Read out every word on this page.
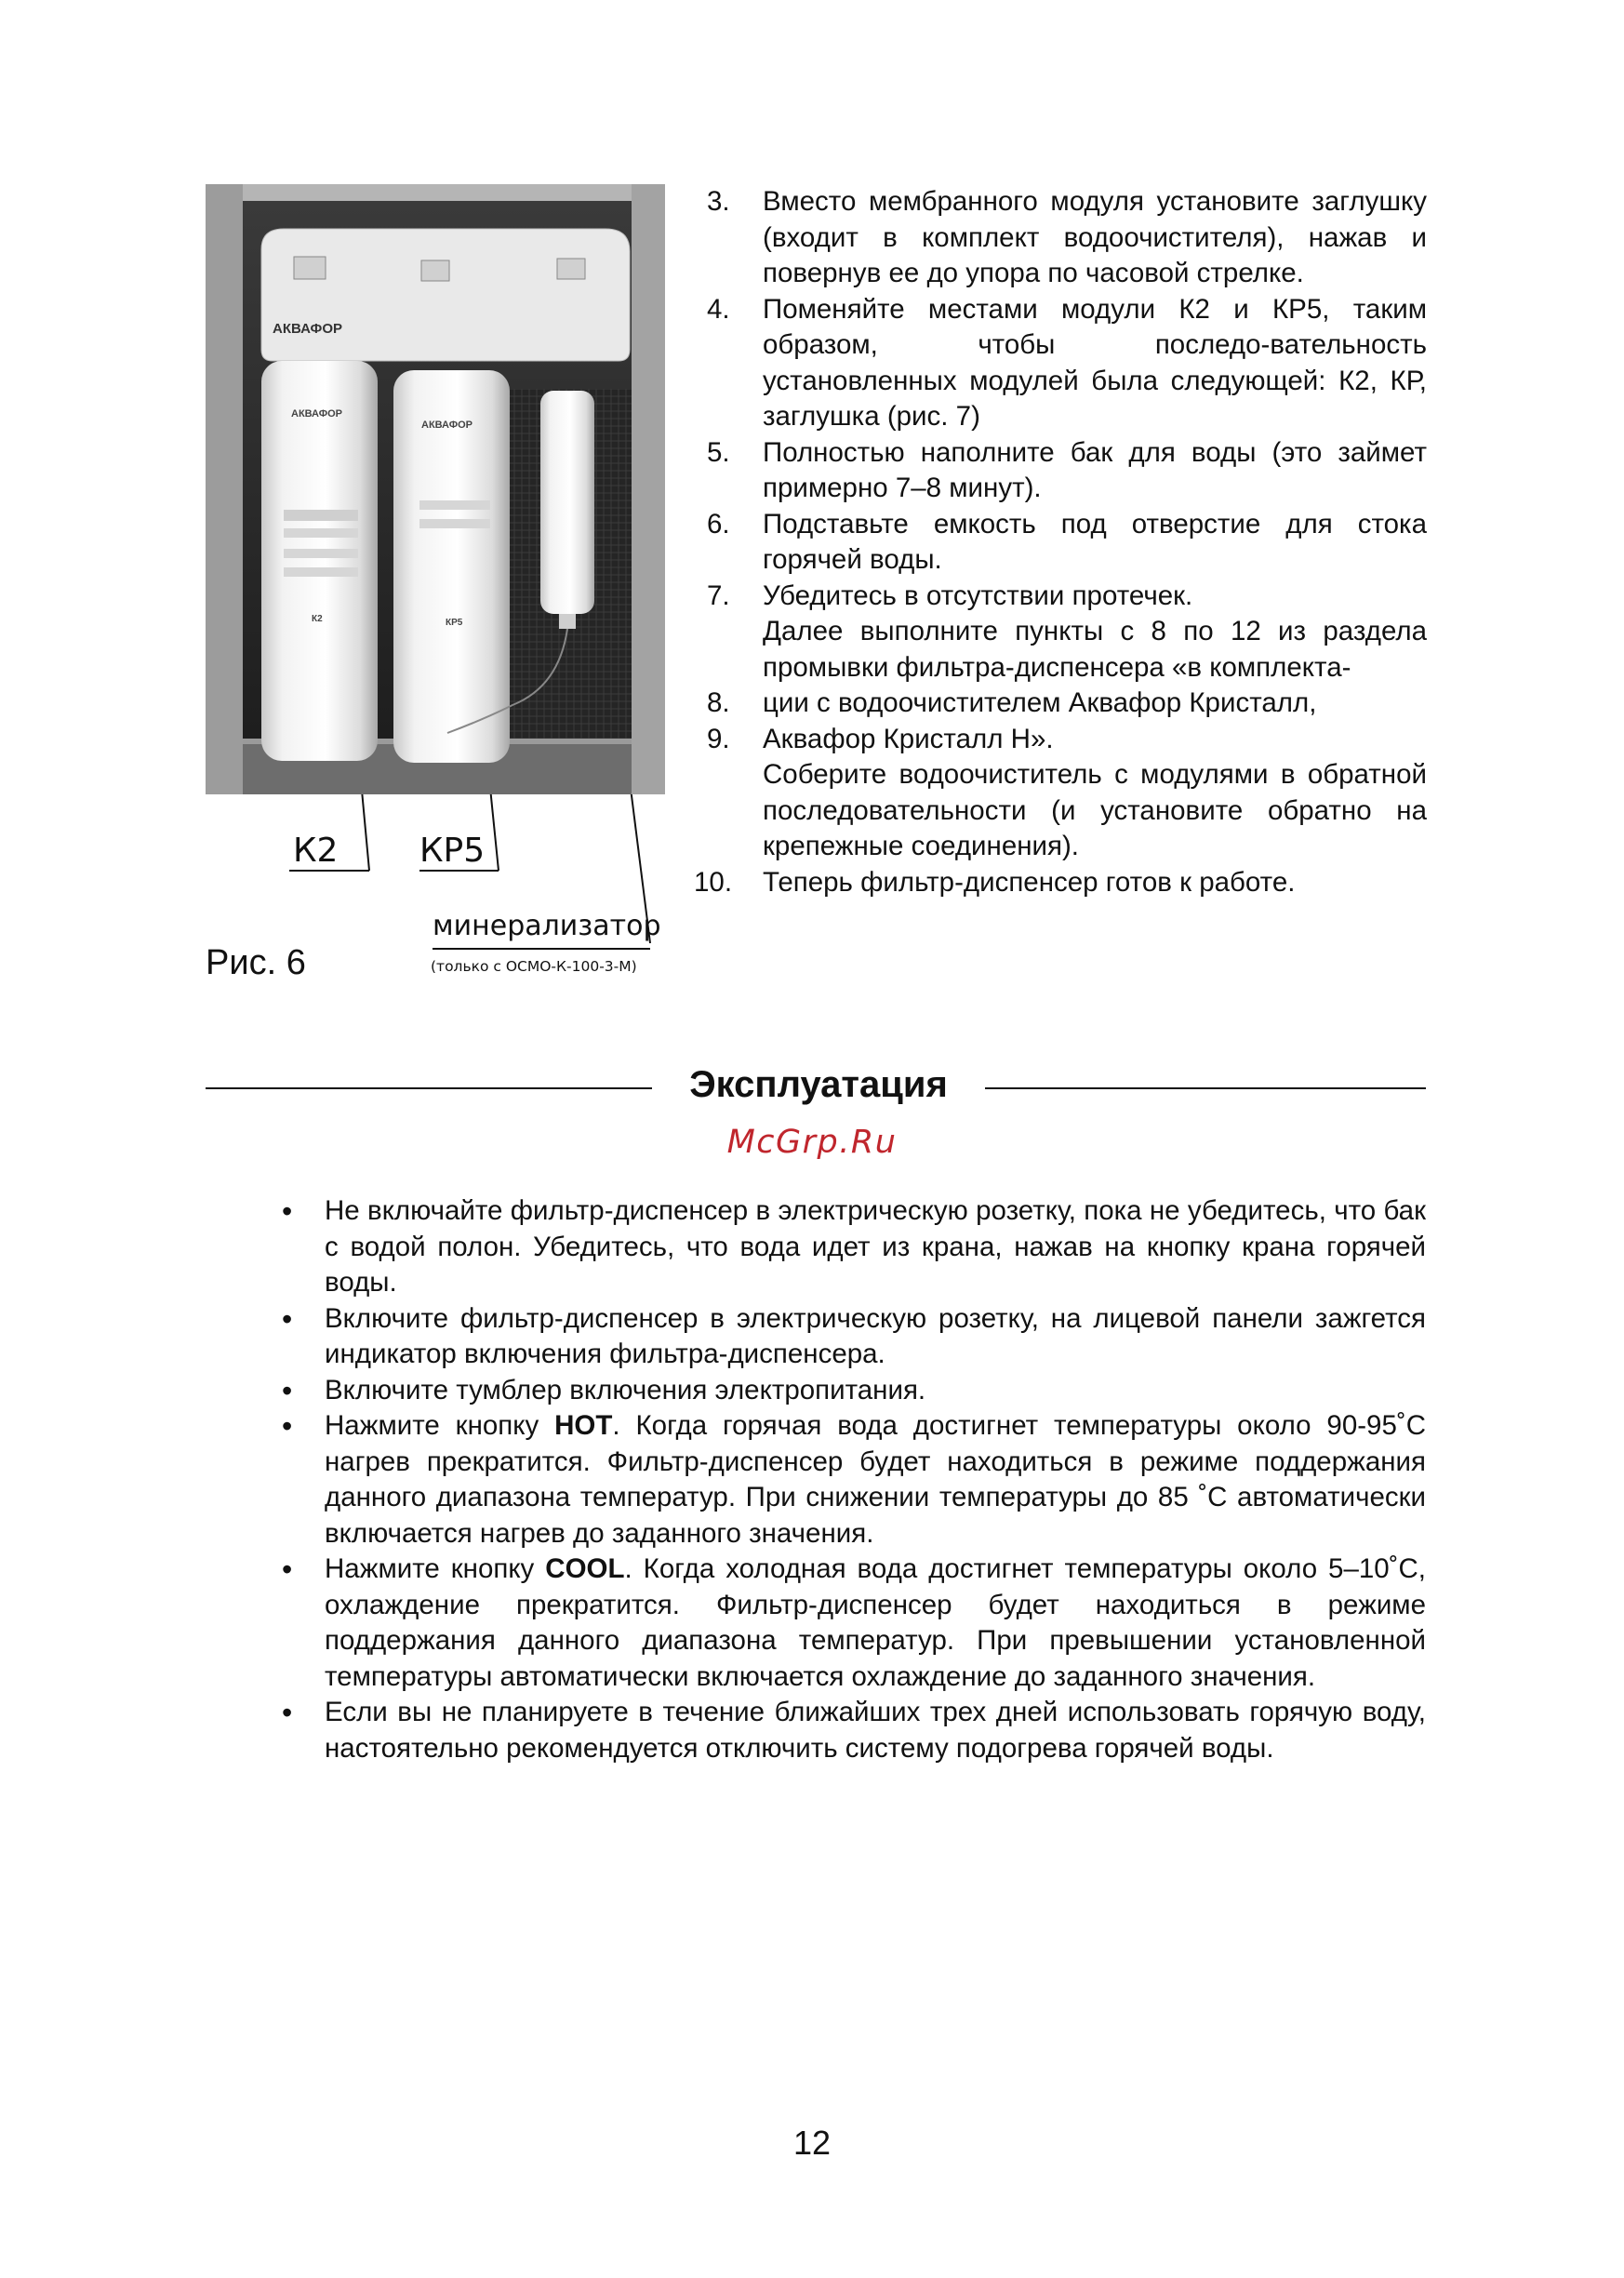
АКВАФОР
АКВАФОР
К2
АКВАФОР
КР5
К2 КР5
минерализатор
(только с ОСМО-К-100-3-М)
Рис. 6
3.	Вместо мембранного модуля установите заглушку (входит в комплект водоочистителя), нажав и повернув ее до упора по часовой стрелке.
4.	Поменяйте местами модули К2 и КР5, таким образом, чтобы последо-вательность установленных модулей была следующей: К2, КР, заглушка (рис. 7)
5.	Полностью наполните бак для воды (это займет примерно 7–8 минут).
6.	Подставьте емкость под отверстие для стока горячей воды.
7.	Убедитесь в отсутствии протечек.
Далее выполните пункты с 8 по 12 из раздела промывки фильтра-диспенсера «в комплекта-
8.	ции с водоочистителем Аквафор Кристалл,
9.	Аквафор Кристалл Н».
Соберите водоочиститель с модулями в обратной последовательности (и установите обратно на крепежные соединения).
10.	Теперь фильтр-диспенсер готов к работе.
Эксплуатация
McGrp.Ru
• Не включайте фильтр-диспенсер в электрическую розетку, пока не убедитесь, что бак с водой полон. Убедитесь, что вода идет из крана, нажав на кнопку крана горячей воды.
• Включите фильтр-диспенсер в электрическую розетку, на лицевой панели зажгется индикатор включения фильтра-диспенсера.
• Включите тумблер включения электропитания.
• Нажмите кнопку HOT. Когда горячая вода достигнет температуры около 90-95˚С нагрев прекратится. Фильтр-диспенсер будет находиться в режиме поддержания данного диапазона температур. При снижении температуры до 85 ˚С автоматически включается нагрев до заданного значения.
• Нажмите кнопку COOL. Когда холодная вода достигнет температуры около 5–10˚С, охлаждение прекратится. Фильтр-диспенсер будет находиться в режиме поддержания данного диапазона температур. При превышении установленной температуры автоматически включается охлаждение до заданного значения.
• Если вы не планируете в течение ближайших трех дней использовать горячую воду, настоятельно рекомендуется отключить систему подогрева горячей воды.
12
